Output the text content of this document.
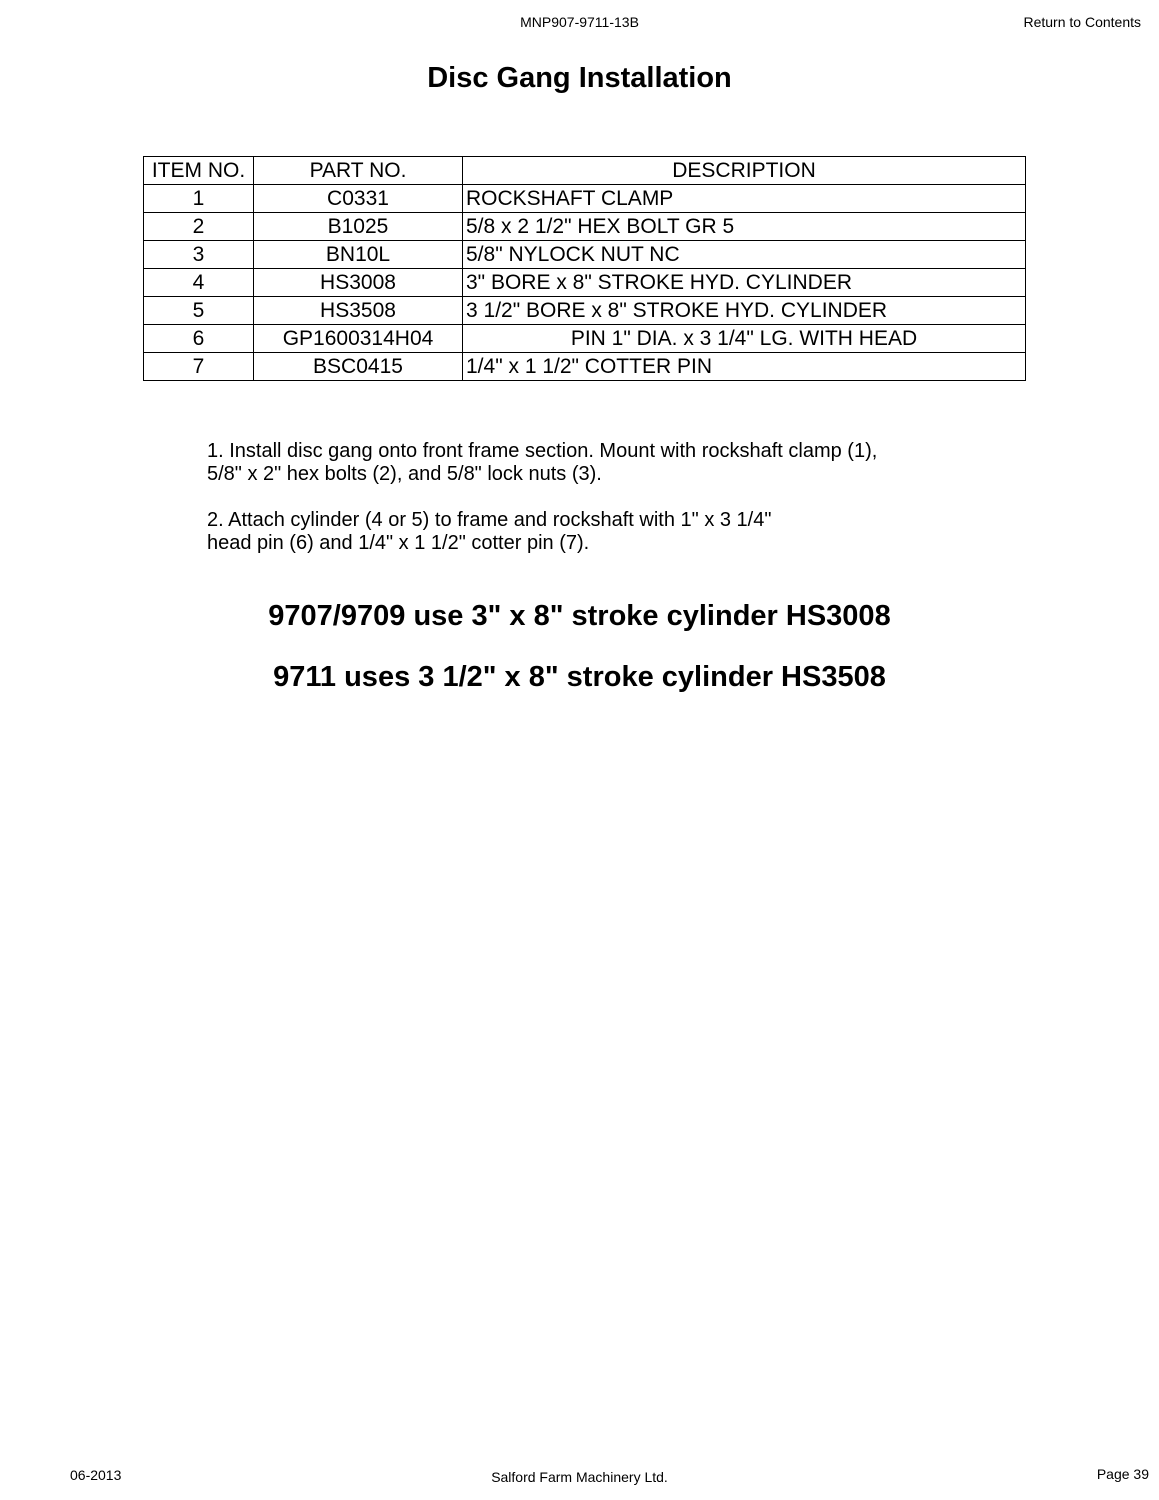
MNP907-9711-13B	Return to Contents
Disc Gang Installation
ITEM NO.	PART NO.	DESCRIPTION
1	C0331	ROCKSHAFT CLAMP
2	B1025	5/8 x 2 1/2" HEX BOLT GR 5
3	BN10L	5/8" NYLOCK NUT NC
4	HS3008	3" BORE x 8" STROKE HYD. CYLINDER
5	HS3508	3 1/2" BORE x 8" STROKE HYD. CYLINDER
6	GP1600314H04	PIN 1" DIA. x 3 1/4" LG. WITH HEAD
7	BSC0415	1/4" x 1 1/2" COTTER PIN
1. Install disc gang onto front frame section. Mount with rockshaft clamp (1),
5/8" x 2" hex bolts (2), and 5/8" lock nuts (3).
2. Attach cylinder (4 or 5) to frame and rockshaft with 1" x 3 1/4"
head pin (6) and 1/4" x 1 1/2" cotter pin (7).
9707/9709 use 3" x 8" stroke cylinder HS3008
9711 uses 3 1/2" x 8" stroke cylinder HS3508
06-2013	Salford Farm Machinery Ltd.	Page 39
